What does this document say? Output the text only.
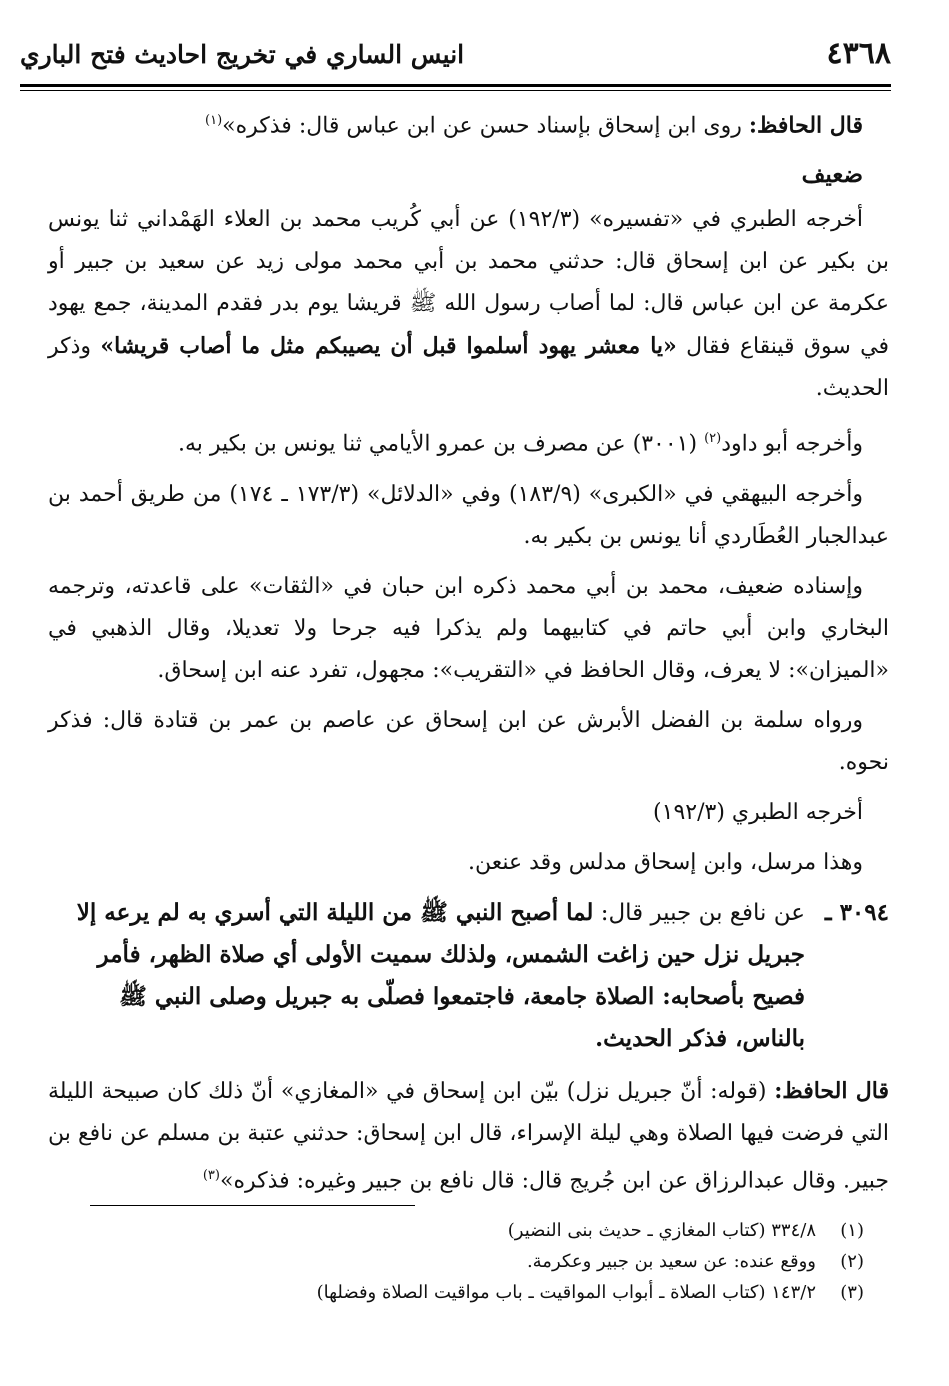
٤٣٦٨
انيس الساري في تخريج احاديث فتح الباري

قال الحافظ: روى ابن إسحاق بإسناد حسن عن ابن عباس قال: فذكره»$^{(١)}$

ضعيف

أخرجه الطبري في «تفسيره» (١٩٢/٣) عن أبي كُريب محمد بن العلاء الهَمْداني ثنا يونس بن بكير عن ابن إسحاق قال: حدثني محمد بن أبي محمد مولى زيد عن سعيد بن جبير أو عكرمة عن ابن عباس قال: لما أصاب رسول الله ﷺ قريشا يوم بدر فقدم المدينة، جمع يهود في سوق قينقاع فقال «يا معشر يهود أسلموا قبل أن يصيبكم مثل ما أصاب قريشا» وذكر الحديث.

وأخرجه أبو داود$^{(٢)}$ (٣٠٠١) عن مصرف بن عمرو الأيامي ثنا يونس بن بكير به.

وأخرجه البيهقي في «الكبرى» (١٨٣/٩) وفي «الدلائل» (١٧٣/٣ ـ ١٧٤) من طريق أحمد بن عبدالجبار العُطَاردي أنا يونس بن بكير به.

وإسناده ضعيف، محمد بن أبي محمد ذكره ابن حبان في «الثقات» على قاعدته، وترجمه البخاري وابن أبي حاتم في كتابيهما ولم يذكرا فيه جرحا ولا تعديلا، وقال الذهبي في «الميزان»: لا يعرف، وقال الحافظ في «التقريب»: مجهول، تفرد عنه ابن إسحاق.

ورواه سلمة بن الفضل الأبرش عن ابن إسحاق عن عاصم بن عمر بن قتادة قال: فذكر نحوه.

أخرجه الطبري (١٩٢/٣)

وهذا مرسل، وابن إسحاق مدلس وقد عنعن.

٣٠٩٤ ـ
عن نافع بن جبير قال: لما أصبح النبي ﷺ من الليلة التي أسري به لم يرعه إلا جبريل نزل حين زاغت الشمس، ولذلك سميت الأولى أي صلاة الظهر، فأمر فصيح بأصحابه: الصلاة جامعة، فاجتمعوا فصلّى به جبريل وصلى النبي ﷺ بالناس، فذكر الحديث.

قال الحافظ: (قوله: أنّ جبريل نزل) بيّن ابن إسحاق في «المغازي» أنّ ذلك كان صبيحة الليلة التي فرضت فيها الصلاة وهي ليلة الإسراء، قال ابن إسحاق: حدثني عتبة بن مسلم عن نافع بن جبير. وقال عبدالرزاق عن ابن جُريج قال: قال نافع بن جبير وغيره: فذكره»$^{(٣)}$

(١)٣٣٤/٨ (كتاب المغازي ـ حديث بنى النضير)
(٢)ووقع عنده: عن سعيد بن جبير وعكرمة.
(٣)١٤٣/٢ (كتاب الصلاة ـ أبواب المواقيت ـ باب مواقيت الصلاة وفضلها)
